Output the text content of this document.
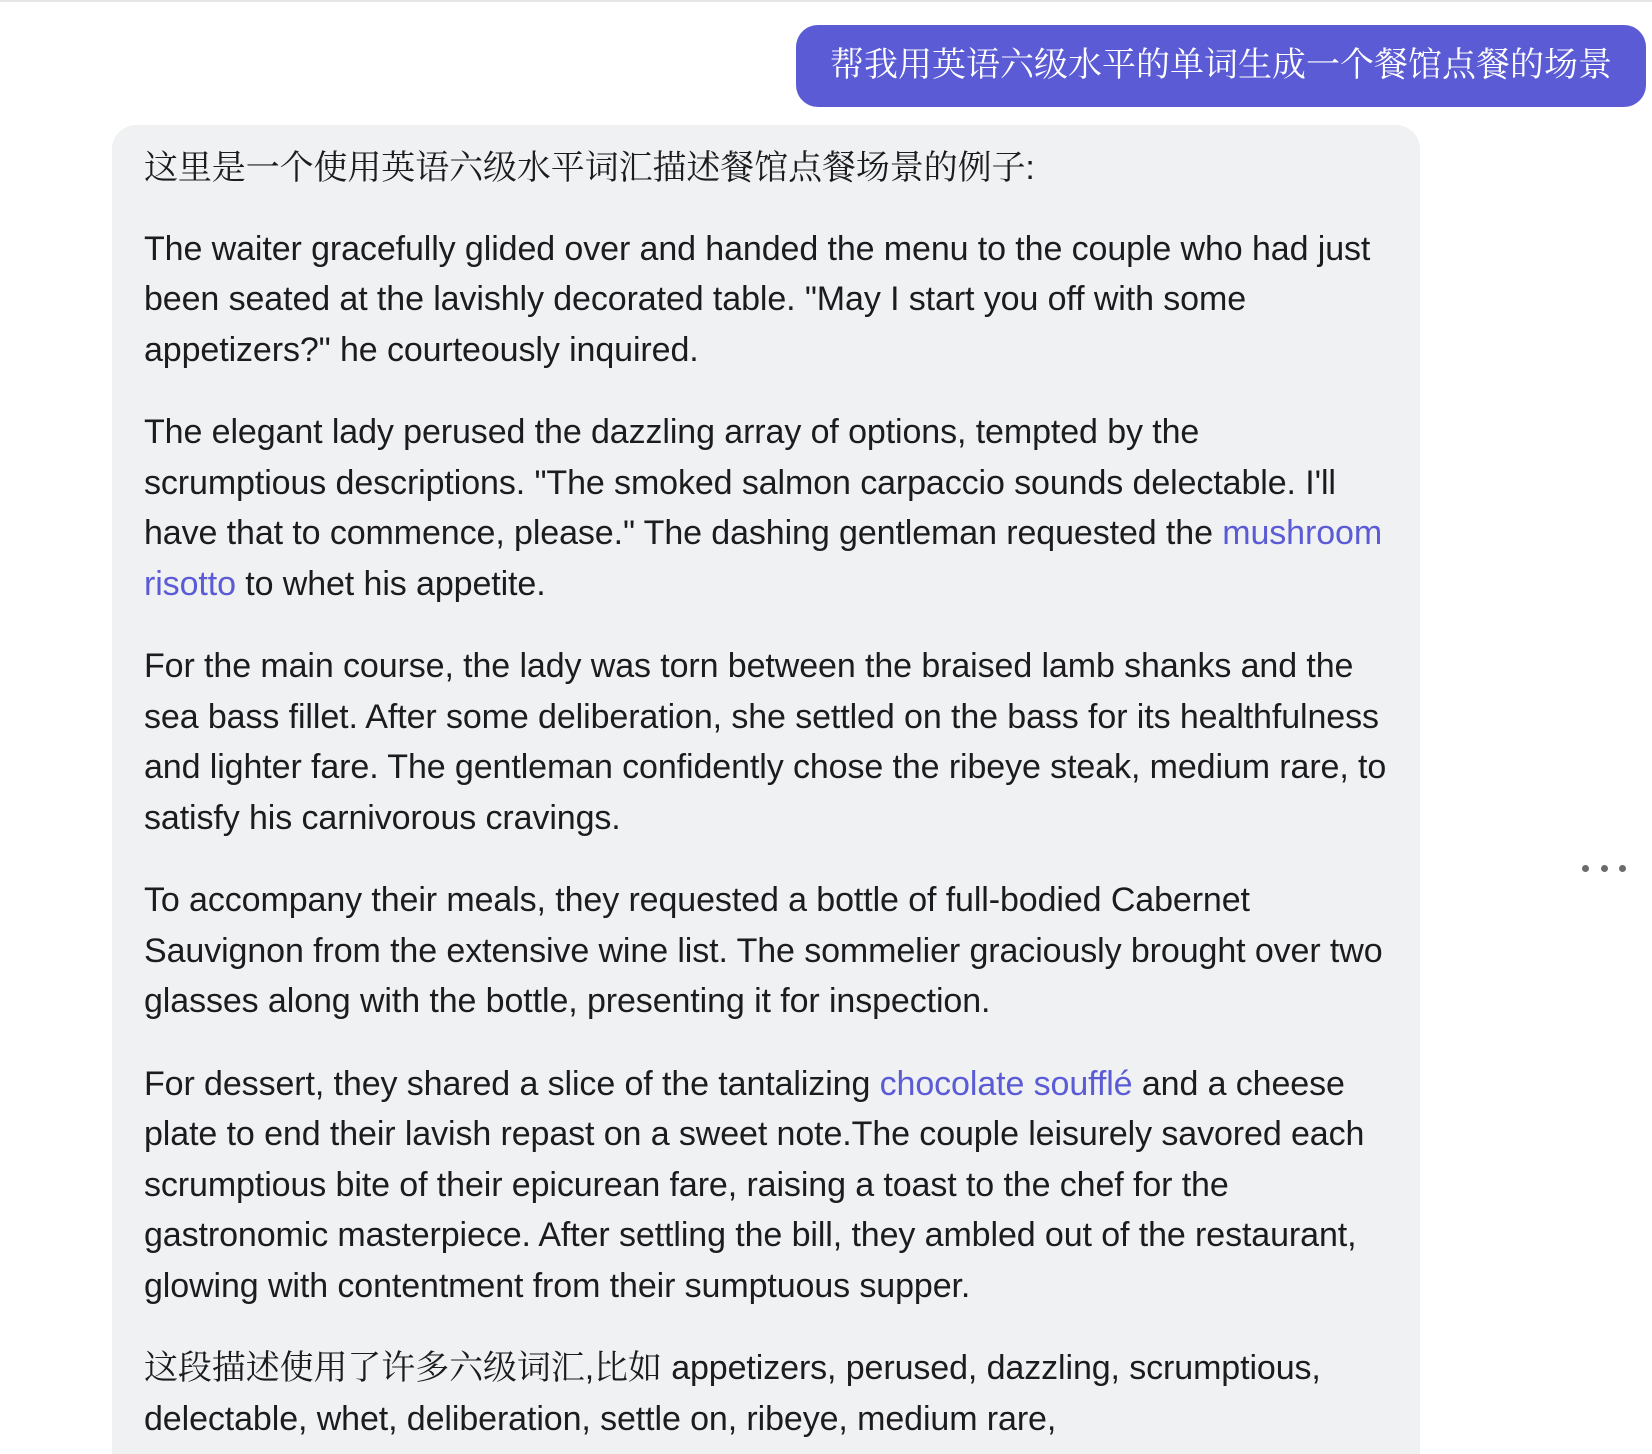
帮我用英语六级水平的单词生成一个餐馆点餐的场景

这里是一个使用英语六级水平词汇描述餐馆点餐场景的例子:

The waiter gracefully glided over and handed the menu to the couple who had just been seated at the lavishly decorated table. "May I start you off with some appetizers?" he courteously inquired.

The elegant lady perused the dazzling array of options, tempted by the scrumptious descriptions. "The smoked salmon carpaccio sounds delectable. I'll have that to commence, please." The dashing gentleman requested the mushroom risotto to whet his appetite.

For the main course, the lady was torn between the braised lamb shanks and the sea bass fillet. After some deliberation, she settled on the bass for its healthfulness and lighter fare. The gentleman confidently chose the ribeye steak, medium rare, to satisfy his carnivorous cravings.

To accompany their meals, they requested a bottle of full-bodied Cabernet Sauvignon from the extensive wine list. The sommelier graciously brought over two glasses along with the bottle, presenting it for inspection.

For dessert, they shared a slice of the tantalizing chocolate soufflé and a cheese plate to end their lavish repast on a sweet note.The couple leisurely savored each scrumptious bite of their epicurean fare, raising a toast to the chef for the gastronomic masterpiece. After settling the bill, they ambled out of the restaurant, glowing with contentment from their sumptuous supper.

这段描述使用了许多六级词汇,比如 appetizers, perused, dazzling, scrumptious, delectable, whet, deliberation, settle on, ribeye, medium rare,
